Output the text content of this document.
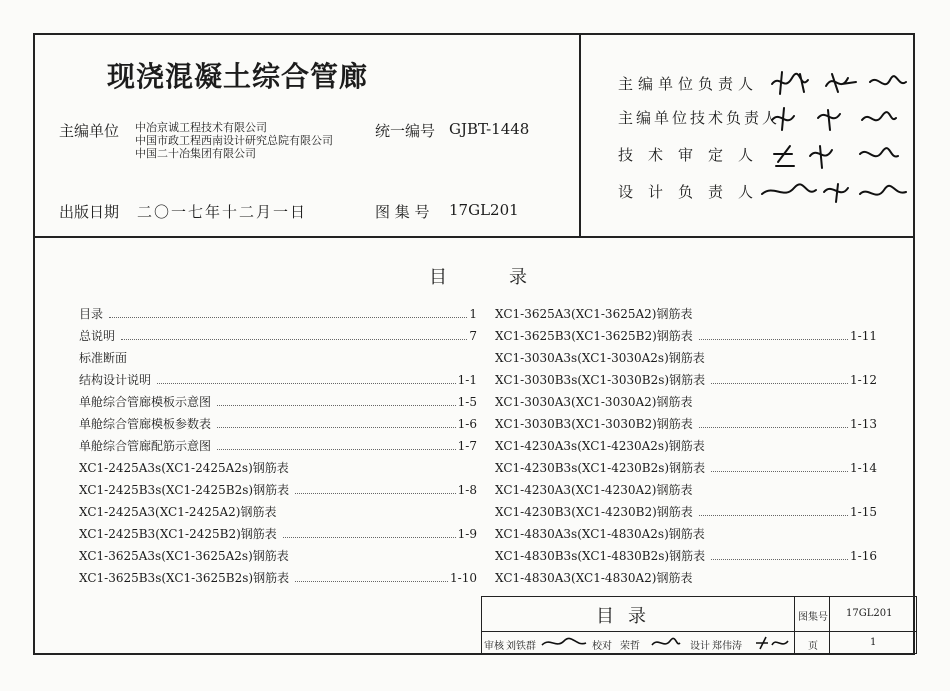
现浇混凝土综合管廊
主编单位 中冶京诚工程技术有限公司
中国市政工程西南设计研究总院有限公司
中国二十冶集团有限公司
统一编号 GJBT-1448
出版日期 二〇一七年十二月一日	图 集 号 17GL201
主编单位负责人
主编单位技术负责人
技术审定人
设计负责人
目	录
目录	1
总说明	7
标准断面
结构设计说明	1-1
单舱综合管廊模板示意图	1-5
单舱综合管廊模板参数表	1-6
单舱综合管廊配筋示意图	1-7
XC1-2425A3s(XC1-2425A2s)钢筋表
XC1-2425B3s(XC1-2425B2s)钢筋表	1-8
XC1-2425A3(XC1-2425A2)钢筋表
XC1-2425B3(XC1-2425B2)钢筋表	1-9
XC1-3625A3s(XC1-3625A2s)钢筋表
XC1-3625B3s(XC1-3625B2s)钢筋表	1-10
XC1-3625A3(XC1-3625A2)钢筋表
XC1-3625B3(XC1-3625B2)钢筋表	1-11
XC1-3030A3s(XC1-3030A2s)钢筋表
XC1-3030B3s(XC1-3030B2s)钢筋表	1-12
XC1-3030A3(XC1-3030A2)钢筋表
XC1-3030B3(XC1-3030B2)钢筋表	1-13
XC1-4230A3s(XC1-4230A2s)钢筋表
XC1-4230B3s(XC1-4230B2s)钢筋表	1-14
XC1-4230A3(XC1-4230A2)钢筋表
XC1-4230B3(XC1-4230B2)钢筋表	1-15
XC1-4830A3s(XC1-4830A2s)钢筋表
XC1-4830B3s(XC1-4830B2s)钢筋表	1-16
XC1-4830A3(XC1-4830A2)钢筋表
目录	图集号 17GL201
审核 刘铁群	校对 荣哲	设计 郑伟涛	页	1
